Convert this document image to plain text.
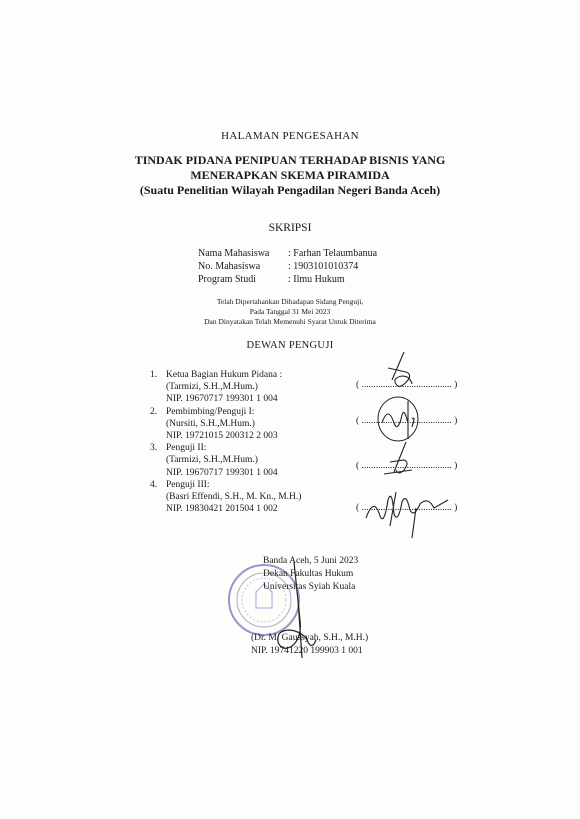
HALAMAN PENGESAHAN
TINDAK PIDANA PENIPUAN TERHADAP BISNIS YANG
MENERAPKAN SKEMA PIRAMIDA
(Suatu Penelitian Wilayah Pengadilan Negeri Banda Aceh)
SKRIPSI
Nama Mahasiswa	: Farhan Telaumbanua
No. Mahasiswa	: 1903101010374
Program Studi	: Ilmu Hukum
Telah Dipertahankan Dihadapan Sidang Penguji,
Pada Tanggal 31 Mei 2023
Dan Dinyatakan Telah Memenuhi Syarat Untuk Diterima
DEWAN PENGUJI
1. Ketua Bagian Hukum Pidana :
(Tarmizi, S.H.,M.Hum.)
NIP. 19670717 199301 1 004
2. Pembimbing/Penguji I:
(Nursiti, S.H.,M.Hum.)
NIP. 19721015 200312 2 003
3. Penguji II:
(Tarmizi, S.H.,M.Hum.)
NIP. 19670717 199301 1 004
4. Penguji III:
(Basri Effendi, S.H., M. Kn., M.H.)
NIP. 19830421 201504 1 002
( ...................................... )
( ...................................... )
( ...................................... )
( ...................................... )
Banda Aceh, 5 Juni 2023
Dekan Fakultas Hukum
Universitas Syiah Kuala
(Dr. M. Gaussyah, S.H., M.H.)
NIP. 19741220 199903 1 001
